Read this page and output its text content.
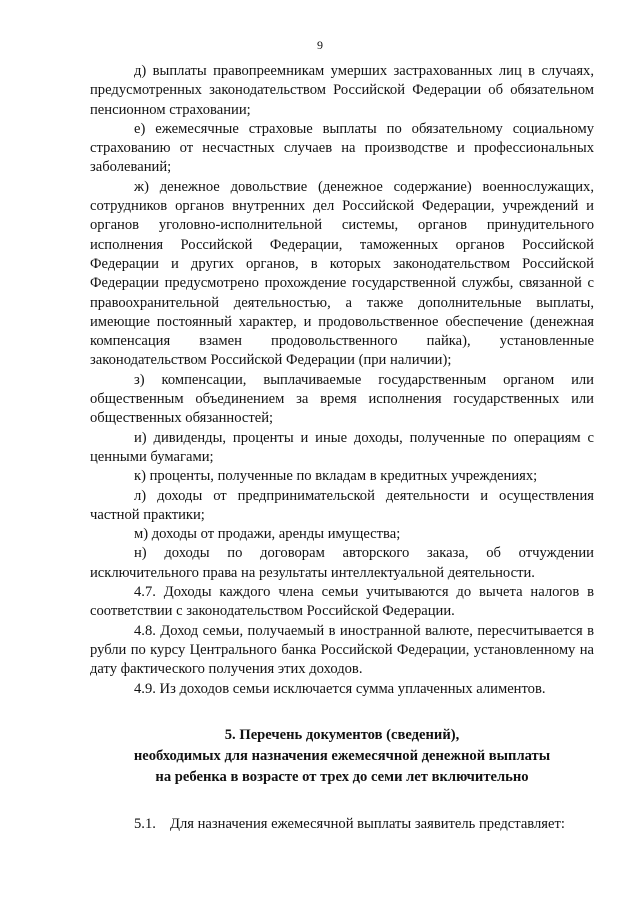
9

д) выплаты правопреемникам умерших застрахованных лиц в случаях, предусмотренных законодательством Российской Федерации об обязательном пенсионном страховании;

е) ежемесячные страховые выплаты по обязательному социальному страхованию от несчастных случаев на производстве и профессиональных заболеваний;

ж) денежное довольствие (денежное содержание) военнослужащих, сотрудников органов внутренних дел Российской Федерации, учреждений и органов уголовно-исполнительной системы, органов принудительного исполнения Российской Федерации, таможенных органов Российской Федерации и других органов, в которых законодательством Российской Федерации предусмотрено прохождение государственной службы, связанной с правоохранительной деятельностью, а также дополнительные выплаты, имеющие постоянный характер, и продовольственное обеспечение (денежная компенсация взамен продовольственного пайка), установленные законодательством Российской Федерации (при наличии);

з) компенсации, выплачиваемые государственным органом или общественным объединением за время исполнения государственных или общественных обязанностей;

и) дивиденды, проценты и иные доходы, полученные по операциям с ценными бумагами;

к) проценты, полученные по вкладам в кредитных учреждениях;

л) доходы от предпринимательской деятельности и осуществления частной практики;

м) доходы от продажи, аренды имущества;

н) доходы по договорам авторского заказа, об отчуждении исключительного права на результаты интеллектуальной деятельности.

4.7. Доходы каждого члена семьи учитываются до вычета налогов в соответствии с законодательством Российской Федерации.

4.8. Доход семьи, получаемый в иностранной валюте, пересчитывается в рубли по курсу Центрального банка Российской Федерации, установленному на дату фактического получения этих доходов.

4.9. Из доходов семьи исключается сумма уплаченных алиментов.

5. Перечень документов (сведений),
необходимых для назначения ежемесячной денежной выплаты
на ребенка в возрасте от трех до семи лет включительно

5.1. Для назначения ежемесячной выплаты заявитель представляет:
